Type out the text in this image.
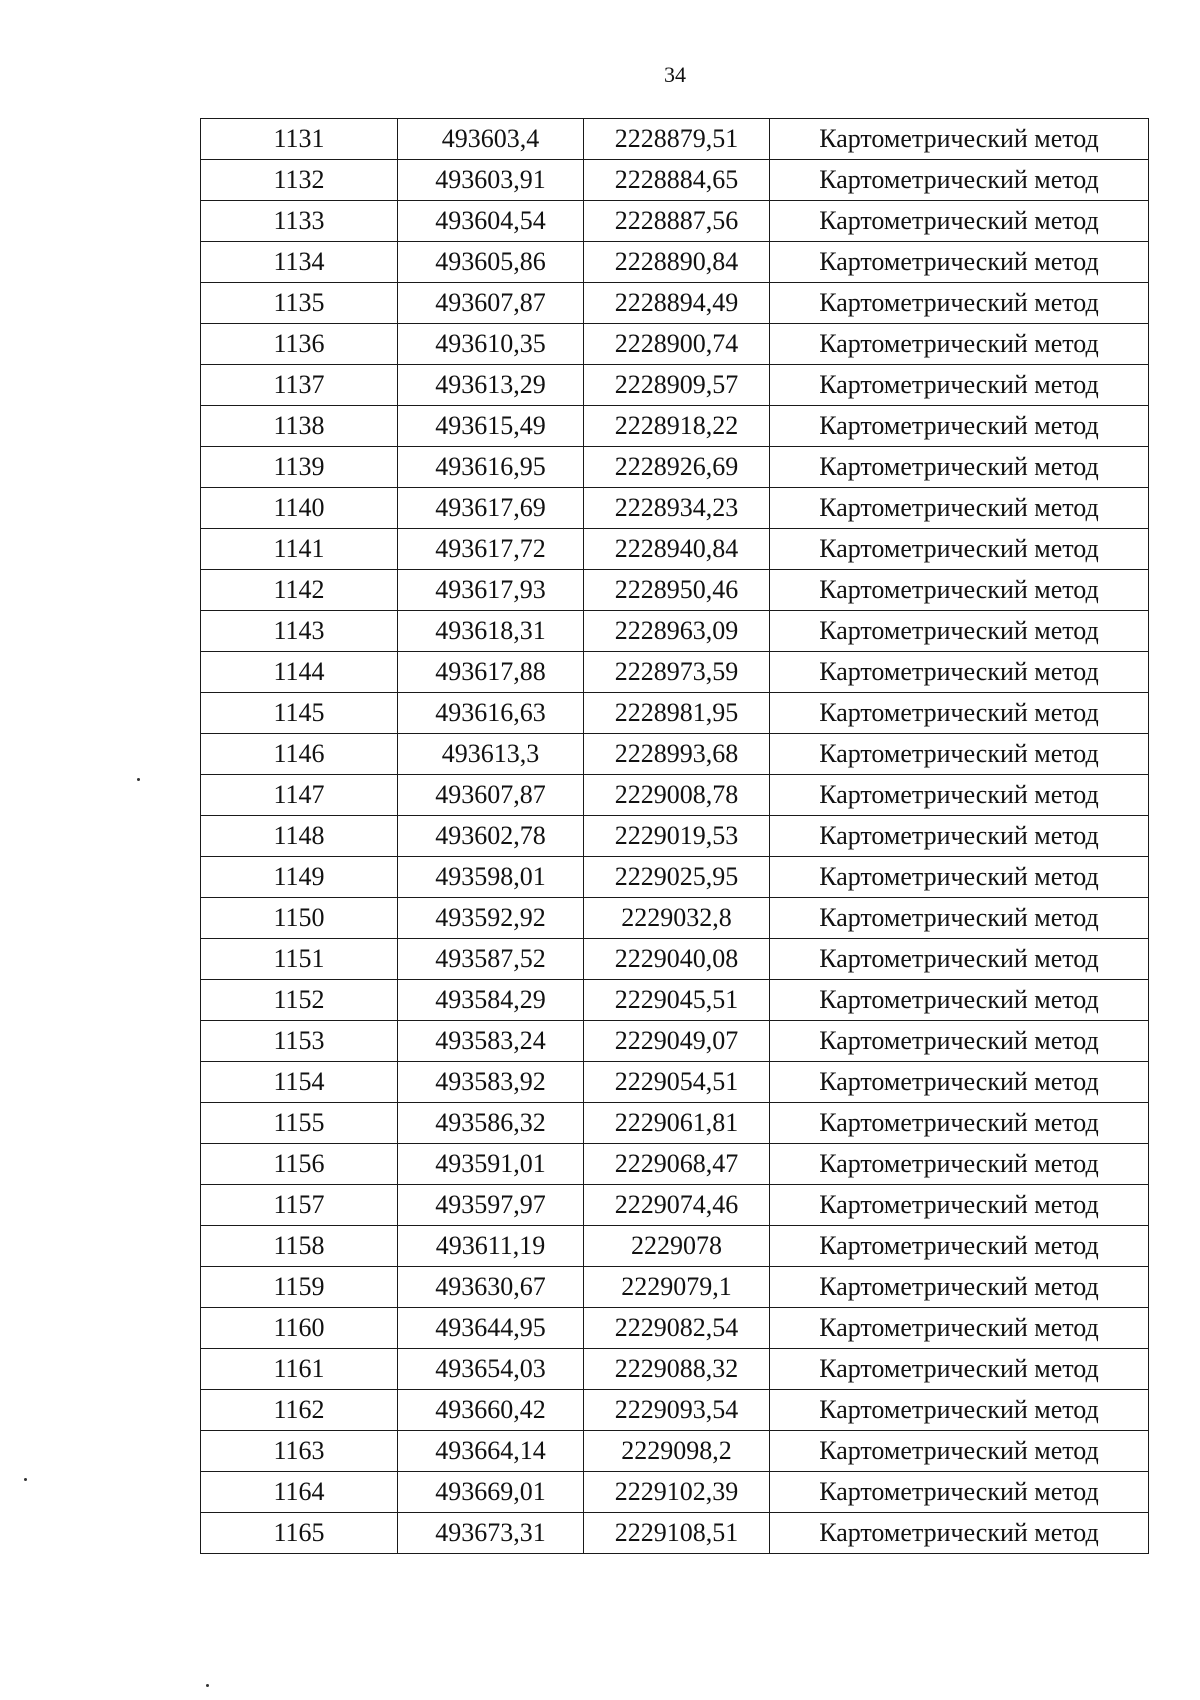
34
1131	493603,4	2228879,51	Картометрический метод
1132	493603,91	2228884,65	Картометрический метод
1133	493604,54	2228887,56	Картометрический метод
1134	493605,86	2228890,84	Картометрический метод
1135	493607,87	2228894,49	Картометрический метод
1136	493610,35	2228900,74	Картометрический метод
1137	493613,29	2228909,57	Картометрический метод
1138	493615,49	2228918,22	Картометрический метод
1139	493616,95	2228926,69	Картометрический метод
1140	493617,69	2228934,23	Картометрический метод
1141	493617,72	2228940,84	Картометрический метод
1142	493617,93	2228950,46	Картометрический метод
1143	493618,31	2228963,09	Картометрический метод
1144	493617,88	2228973,59	Картометрический метод
1145	493616,63	2228981,95	Картометрический метод
1146	493613,3	2228993,68	Картометрический метод
1147	493607,87	2229008,78	Картометрический метод
1148	493602,78	2229019,53	Картометрический метод
1149	493598,01	2229025,95	Картометрический метод
1150	493592,92	2229032,8	Картометрический метод
1151	493587,52	2229040,08	Картометрический метод
1152	493584,29	2229045,51	Картометрический метод
1153	493583,24	2229049,07	Картометрический метод
1154	493583,92	2229054,51	Картометрический метод
1155	493586,32	2229061,81	Картометрический метод
1156	493591,01	2229068,47	Картометрический метод
1157	493597,97	2229074,46	Картометрический метод
1158	493611,19	2229078	Картометрический метод
1159	493630,67	2229079,1	Картометрический метод
1160	493644,95	2229082,54	Картометрический метод
1161	493654,03	2229088,32	Картометрический метод
1162	493660,42	2229093,54	Картометрический метод
1163	493664,14	2229098,2	Картометрический метод
1164	493669,01	2229102,39	Картометрический метод
1165	493673,31	2229108,51	Картометрический метод
